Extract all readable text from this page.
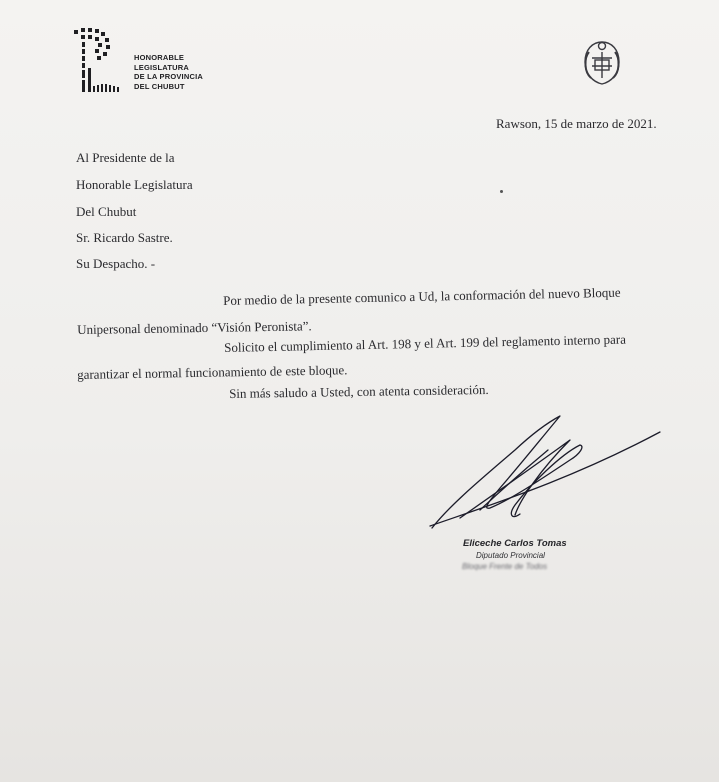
HONORABLE
LEGISLATURA
DE LA PROVINCIA
DEL CHUBUT
Rawson, 15 de marzo de 2021.
Al Presidente de la
Honorable Legislatura
Del Chubut
Sr. Ricardo Sastre.
Su Despacho. -
Por medio de la presente comunico a Ud, la conformación del nuevo Bloque
Unipersonal denominado “Visión Peronista”.
Solicito el cumplimiento al Art. 198 y el Art. 199 del reglamento interno para
garantizar el normal funcionamiento de este bloque.
Sin más saludo a Usted, con atenta consideración.
Eliceche Carlos Tomas
Diputado Provincial
Bloque Frente de Todos
